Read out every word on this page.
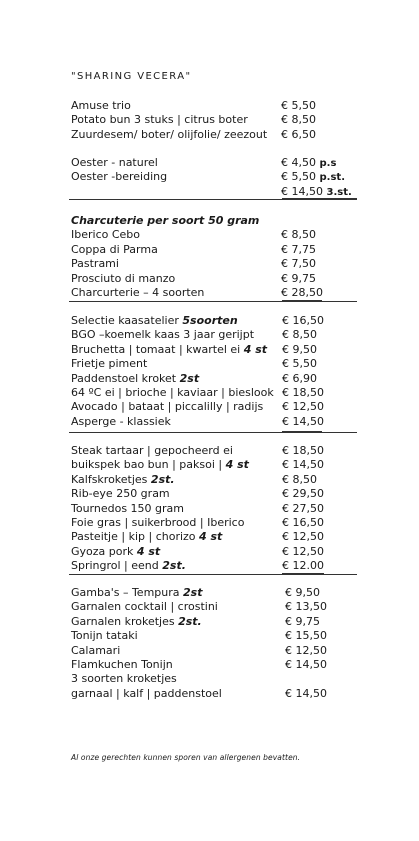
"SHARING VECERA"
Amuse trio	€ 5,50
Potato bun 3 stuks | citrus boter	€ 8,50
Zuurdesem/ boter/ olijfolie/ zeezout € 6,50
Oester - naturel	€ 4,50 p.s
Oester -bereiding	€ 5,50 p.st.
€ 14,50 3.st.
Charcuterie per soort 50 gram
Iberico Cebo	€ 8,50
Coppa di Parma	€ 7,75
Pastrami	€ 7,50
Prosciuto di manzo	€ 9,75
Charcurterie – 4 soorten	€ 28,50
Selectie kaasatelier 5soorten	€ 16,50
BGO –koemelk kaas 3 jaar gerijpt	€ 8,50
Bruchetta | tomaat | kwartel ei 4 st € 9,50
Frietje piment	€ 5,50
Paddenstoel kroket 2st	€ 6,90
64 ºC ei | brioche | kaviaar | bieslook € 18,50
Avocado | bataat | piccalilly | radijs € 12,50
Asperge - klassiek	€ 14,50
Steak tartaar | gepocheerd ei	€ 18,50
buikspek bao bun | paksoi | 4 st	€ 14,50
Kalfskroketjes 2st.	€ 8,50
Rib-eye 250 gram	€ 29,50
Tournedos 150 gram	€ 27,50
Foie gras | suikerbrood | Iberico	€ 16,50
Pasteitje | kip | chorizo 4 st	€ 12,50
Gyoza pork 4 st	€ 12,50
Springrol | eend 2st.	€ 12.00
Gamba's – Tempura 2st	€ 9,50
Garnalen cocktail | crostini	€ 13,50
Garnalen kroketjes 2st.	€ 9,75
Tonijn tataki	€ 15,50
Calamari	€ 12,50
Flamkuchen Tonijn	€ 14,50
3 soorten kroketjes
garnaal | kalf | paddenstoel	€ 14,50
Al onze gerechten kunnen sporen van allergenen bevatten.
